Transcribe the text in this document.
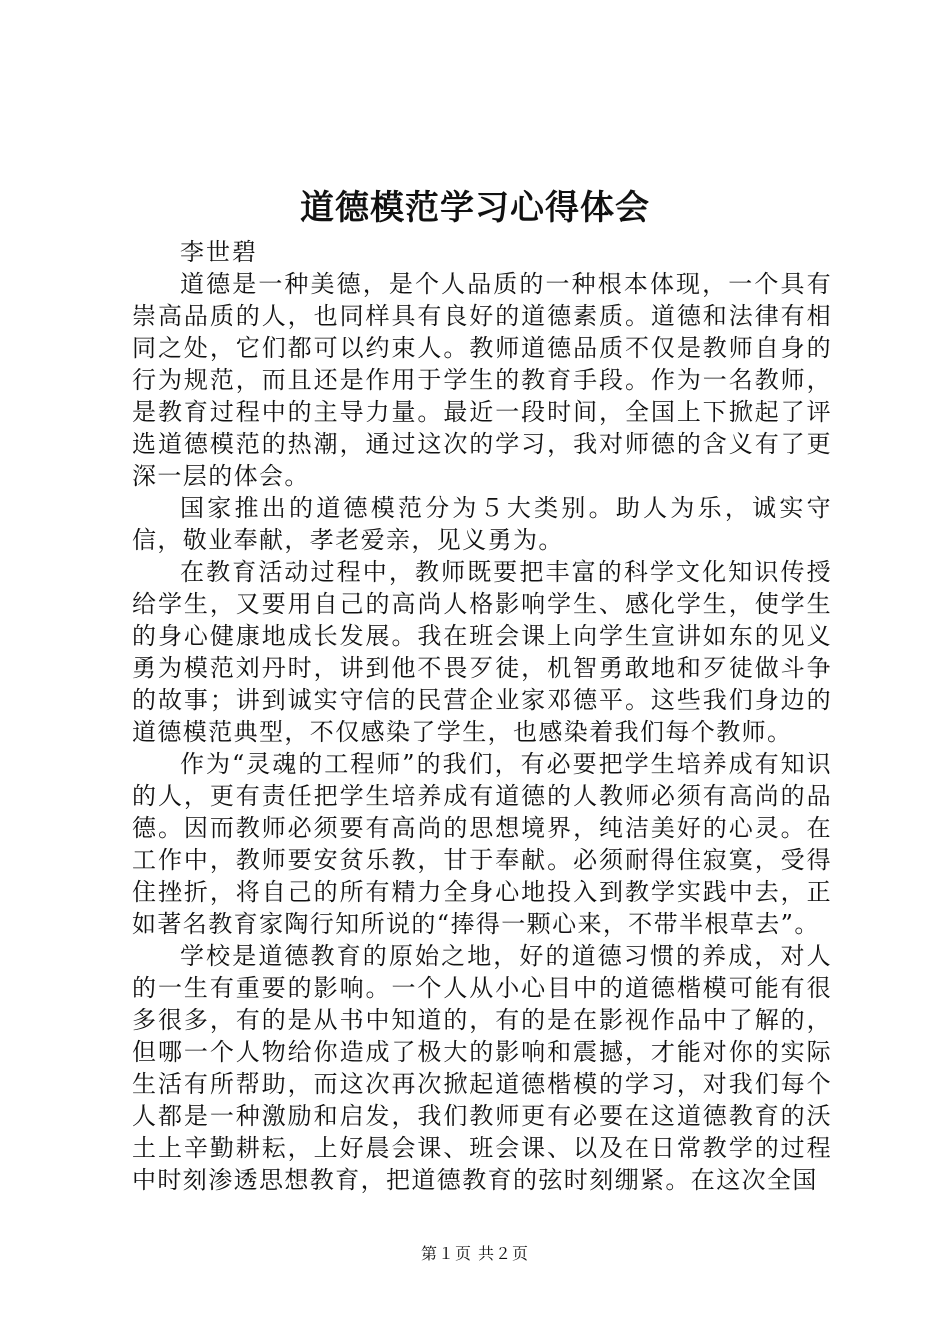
道德模范学习心得体会

李世碧

道德是一种美德，是个人品质的一种根本体现，一个具有崇高品质的人，也同样具有良好的道德素质。道德和法律有相同之处，它们都可以约束人。教师道德品质不仅是教师自身的行为规范，而且还是作用于学生的教育手段。作为一名教师，是教育过程中的主导力量。最近一段时间，全国上下掀起了评选道德模范的热潮，通过这次的学习，我对师德的含义有了更深一层的体会。

国家推出的道德模范分为５大类别。助人为乐，诚实守信，敬业奉献，孝老爱亲，见义勇为。

在教育活动过程中，教师既要把丰富的科学文化知识传授给学生，又要用自己的高尚人格影响学生、感化学生，使学生的身心健康地成长发展。我在班会课上向学生宣讲如东的见义勇为模范刘丹时，讲到他不畏歹徒，机智勇敢地和歹徒做斗争的故事；讲到诚实守信的民营企业家邓德平。这些我们身边的道德模范典型，不仅感染了学生，也感染着我们每个教师。

作为“灵魂的工程师”的我们，有必要把学生培养成有知识的人，更有责任把学生培养成有道德的人教师必须有高尚的品德。因而教师必须要有高尚的思想境界，纯洁美好的心灵。在工作中，教师要安贫乐教，甘于奉献。必须耐得住寂寞，受得住挫折，将自己的所有精力全身心地投入到教学实践中去，正如著名教育家陶行知所说的“捧得一颗心来，不带半根草去”。

学校是道德教育的原始之地，好的道德习惯的养成，对人的一生有重要的影响。一个人从小心目中的道德楷模可能有很多很多，有的是从书中知道的，有的是在影视作品中了解的，但哪一个人物给你造成了极大的影响和震撼，才能对你的实际生活有所帮助，而这次再次掀起道德楷模的学习，对我们每个人都是一种激励和启发，我们教师更有必要在这道德教育的沃土上辛勤耕耘，上好晨会课、班会课、以及在日常教学的过程中时刻渗透思想教育，把道德教育的弦时刻绷紧。在这次全国

第１页 共２页
